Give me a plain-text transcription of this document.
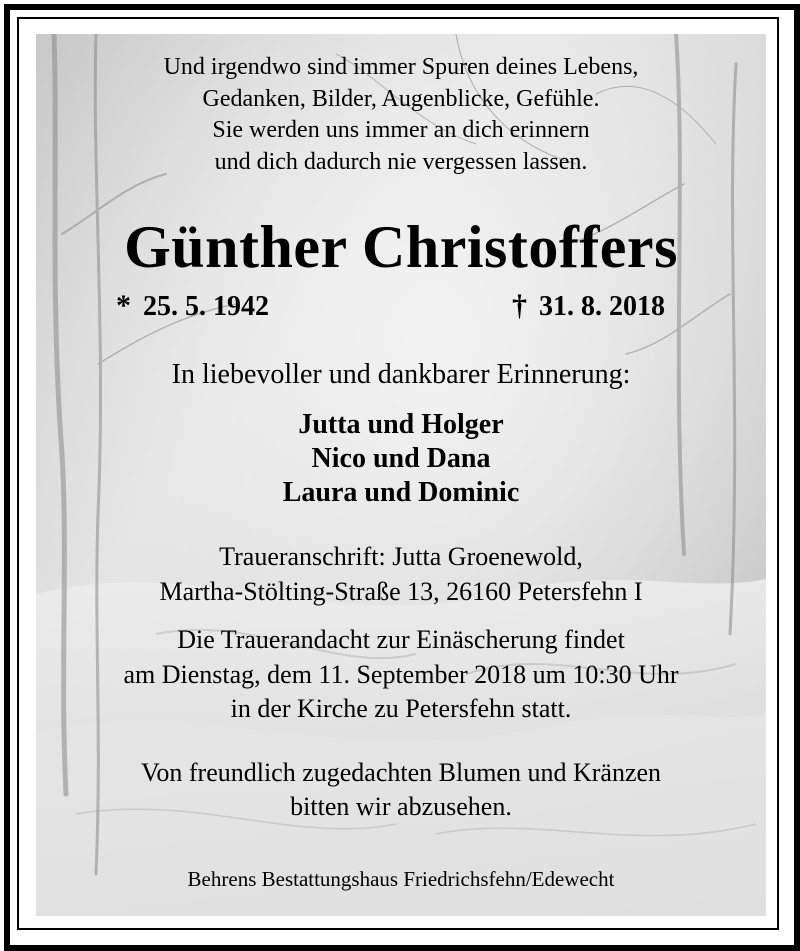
Und irgendwo sind immer Spuren deines Lebens,
Gedanken, Bilder, Augenblicke, Gefühle.
Sie werden uns immer an dich erinnern
und dich dadurch nie vergessen lassen.
Günther Christoffers
* 25. 5. 1942	† 31. 8. 2018
In liebevoller und dankbarer Erinnerung:
Jutta und Holger
Nico und Dana
Laura und Dominic
Traueranschrift: Jutta Groenewold,
Martha-Stölting-Straße 13, 26160 Petersfehn I
Die Trauerandacht zur Einäscherung findet
am Dienstag, dem 11. September 2018 um 10:30 Uhr
in der Kirche zu Petersfehn statt.
Von freundlich zugedachten Blumen und Kränzen
bitten wir abzusehen.
Behrens Bestattungshaus Friedrichsfehn/Edewecht
